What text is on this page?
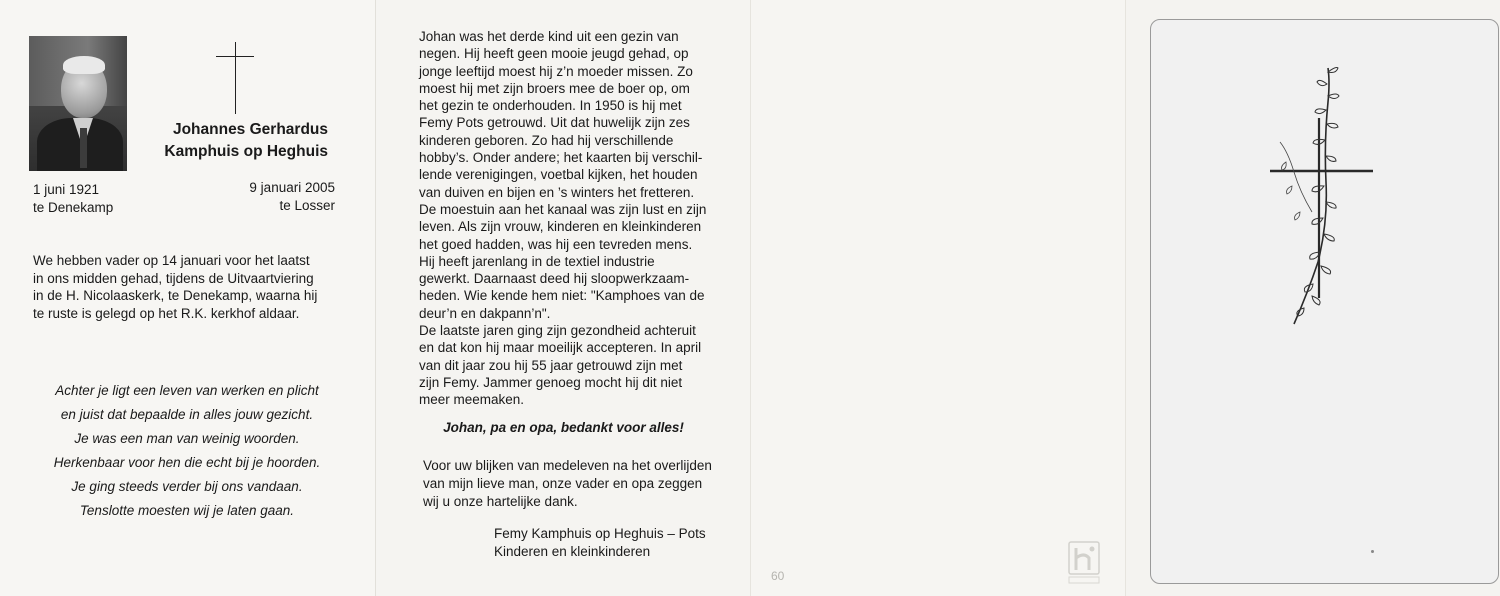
Johannes Gerhardus
Kamphuis op Heghuis
1 juni 1921
te Denekamp
9 januari 2005
te Losser
We hebben vader op 14 januari voor het laatst
in ons midden gehad, tijdens de Uitvaartviering
in de H. Nicolaaskerk, te Denekamp, waarna hij
te ruste is gelegd op het R.K. kerkhof aldaar.
Achter je ligt een leven van werken en plicht
en juist dat bepaalde in alles jouw gezicht.
Je was een man van weinig woorden.
Herkenbaar voor hen die echt bij je hoorden.
Je ging steeds verder bij ons vandaan.
Tenslotte moesten wij je laten gaan.
Johan was het derde kind uit een gezin van
negen. Hij heeft geen mooie jeugd gehad, op
jonge leeftijd moest hij z’n moeder missen. Zo
moest hij met zijn broers mee de boer op, om
het gezin te onderhouden. In 1950 is hij met
Femy Pots getrouwd. Uit dat huwelijk zijn zes
kinderen geboren. Zo had hij verschillende
hobby’s. Onder andere; het kaarten bij verschil-
lende verenigingen, voetbal kijken, het houden
van duiven en bijen en ’s winters het fretteren.
De moestuin aan het kanaal was zijn lust en zijn
leven. Als zijn vrouw, kinderen en kleinkinderen
het goed hadden, was hij een tevreden mens.
Hij heeft jarenlang in de textiel industrie
gewerkt. Daarnaast deed hij sloopwerkzaam-
heden. Wie kende hem niet: "Kamphoes van de
deur’n en dakpann’n".
De laatste jaren ging zijn gezondheid achteruit
en dat kon hij maar moeilijk accepteren. In april
van dit jaar zou hij 55 jaar getrouwd zijn met
zijn Femy. Jammer genoeg mocht hij dit niet
meer meemaken.
Johan, pa en opa, bedankt voor alles!
Voor uw blijken van medeleven na het overlijden
van mijn lieve man, onze vader en opa zeggen
wij u onze hartelijke dank.
Femy Kamphuis op Heghuis – Pots
Kinderen en kleinkinderen
60
